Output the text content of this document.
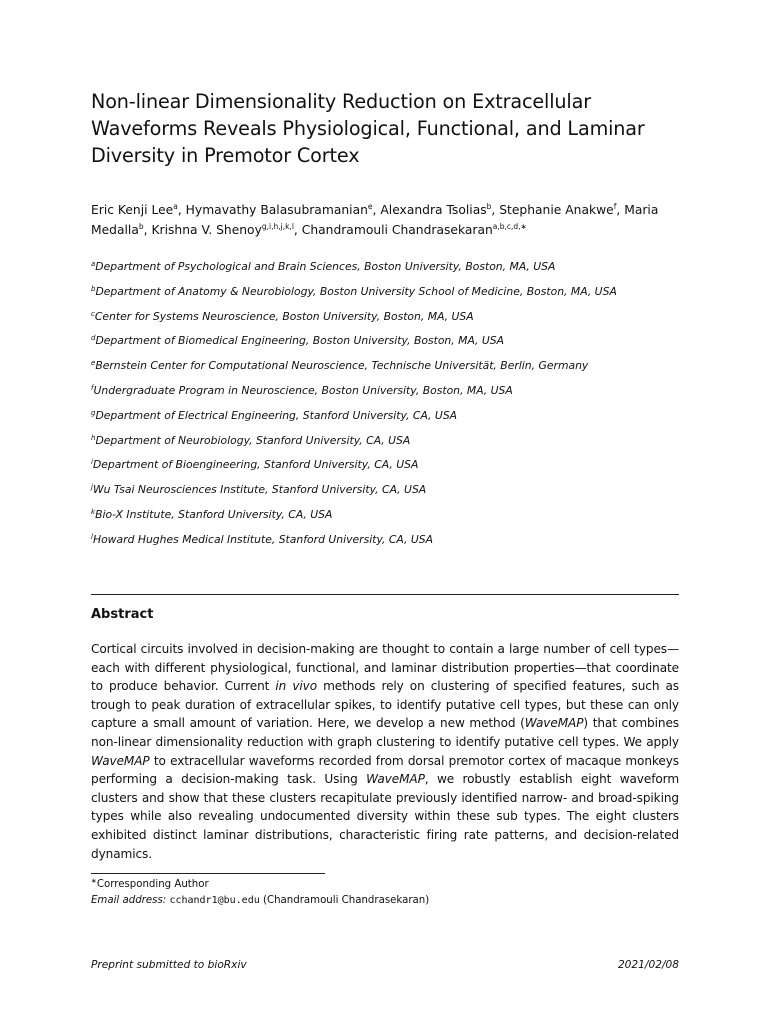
Non-linear Dimensionality Reduction on Extracellular Waveforms Reveals Physiological, Functional, and Laminar Diversity in Premotor Cortex
Eric Kenji Lee$^a$ , Hymavathy Balasubramanian$^e$ , Alexandra Tsolias$^b$ , Stephanie Anakwe$^f$ , Maria Medalla$^b$ , Krishna V. Shenoy$^{g,i,h,j,k,l}$ , Chandramouli Chandrasekaran$^{a,b,c,d,∗}$
$^a$Department of Psychological and Brain Sciences, Boston University, Boston, MA, USA
$^b$Department of Anatomy & Neurobiology, Boston University School of Medicine, Boston, MA, USA
$^c$Center for Systems Neuroscience, Boston University, Boston, MA, USA
$^d$Department of Biomedical Engineering, Boston University, Boston, MA, USA
$^e$Bernstein Center for Computational Neuroscience, Technische Universität, Berlin, Germany
$^f$Undergraduate Program in Neuroscience, Boston University, Boston, MA, USA
$^g$Department of Electrical Engineering, Stanford University, CA, USA
$^h$Department of Neurobiology, Stanford University, CA, USA
$^i$Department of Bioengineering, Stanford University, CA, USA
$^j$Wu Tsai Neurosciences Institute, Stanford University, CA, USA
$^k$Bio-X Institute, Stanford University, CA, USA
$^l$Howard Hughes Medical Institute, Stanford University, CA, USA
Abstract
Cortical circuits involved in decision-making are thought to contain a large number of cell types—each with different physiological, functional, and laminar distribution properties—that coordinate to produce behavior. Current in vivo methods rely on clustering of specified features, such as trough to peak duration of extracellular spikes, to identify putative cell types, but these can only capture a small amount of variation. Here, we develop a new method (WaveMAP) that combines non-linear dimensionality reduction with graph clustering to identify putative cell types. We apply WaveMAP to extracellular waveforms recorded from dorsal premotor cortex of macaque monkeys performing a decision-making task. Using WaveMAP, we robustly establish eight waveform clusters and show that these clusters recapitulate previously identified narrow- and broad-spiking types while also revealing undocumented diversity within these sub types. The eight clusters exhibited distinct laminar distributions, characteristic firing rate patterns, and decision-related dynamics.
∗Corresponding Author
Email address: cchandr1@bu.edu (Chandramouli Chandrasekaran)
Preprint submitted to bioRxiv	2021/02/08
